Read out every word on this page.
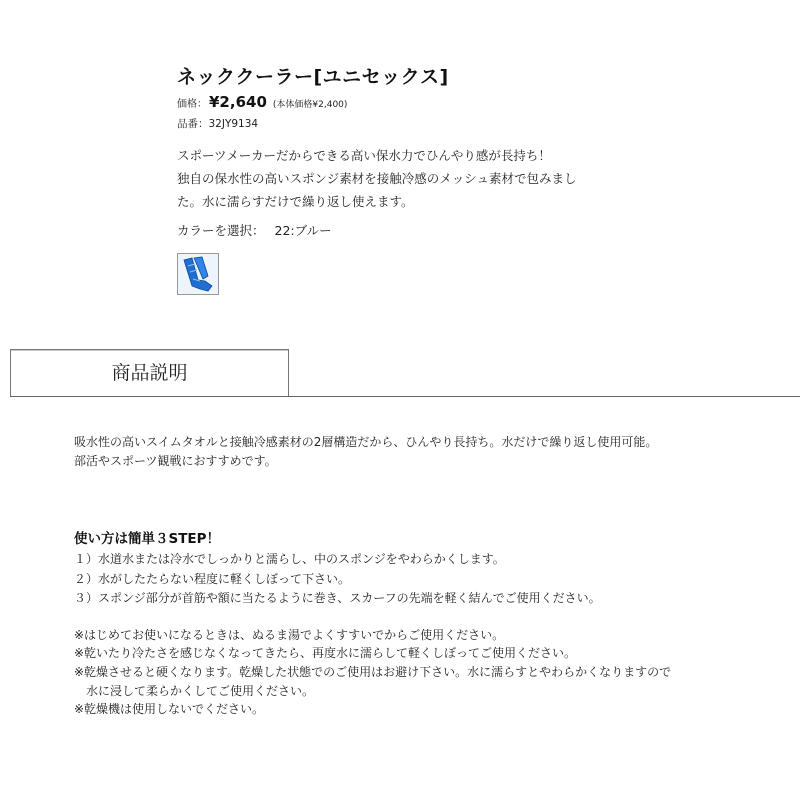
ネッククーラー[ユニセックス]
価格： ¥2,640 (本体価格¥2,400)
品番：32JY9134
スポーツメーカーだからできる高い保水力でひんやり感が長持ち！
独自の保水性の高いスポンジ素材を接触冷感のメッシュ素材で包みまし
た。水に濡らすだけで繰り返し使えます。
カラーを選択： 22:ブルー
商品説明
吸水性の高いスイムタオルと接触冷感素材の2層構造だから、ひんやり長持ち。水だけで繰り返し使用可能。
部活やスポーツ観戦におすすめです。
使い方は簡単３STEP！
１）水道水または冷水でしっかりと濡らし、中のスポンジをやわらかくします。
２）水がしたたらない程度に軽くしぼって下さい。
３）スポンジ部分が首筋や額に当たるように巻き、スカーフの先端を軽く結んでご使用ください。
※はじめてお使いになるときは、ぬるま湯でよくすすいでからご使用ください。
※乾いたり冷たさを感じなくなってきたら、再度水に濡らして軽くしぼってご使用ください。
※乾燥させると硬くなります。乾燥した状態でのご使用はお避け下さい。水に濡らすとやわらかくなりますので
　水に浸して柔らかくしてご使用ください。
※乾燥機は使用しないでください。
